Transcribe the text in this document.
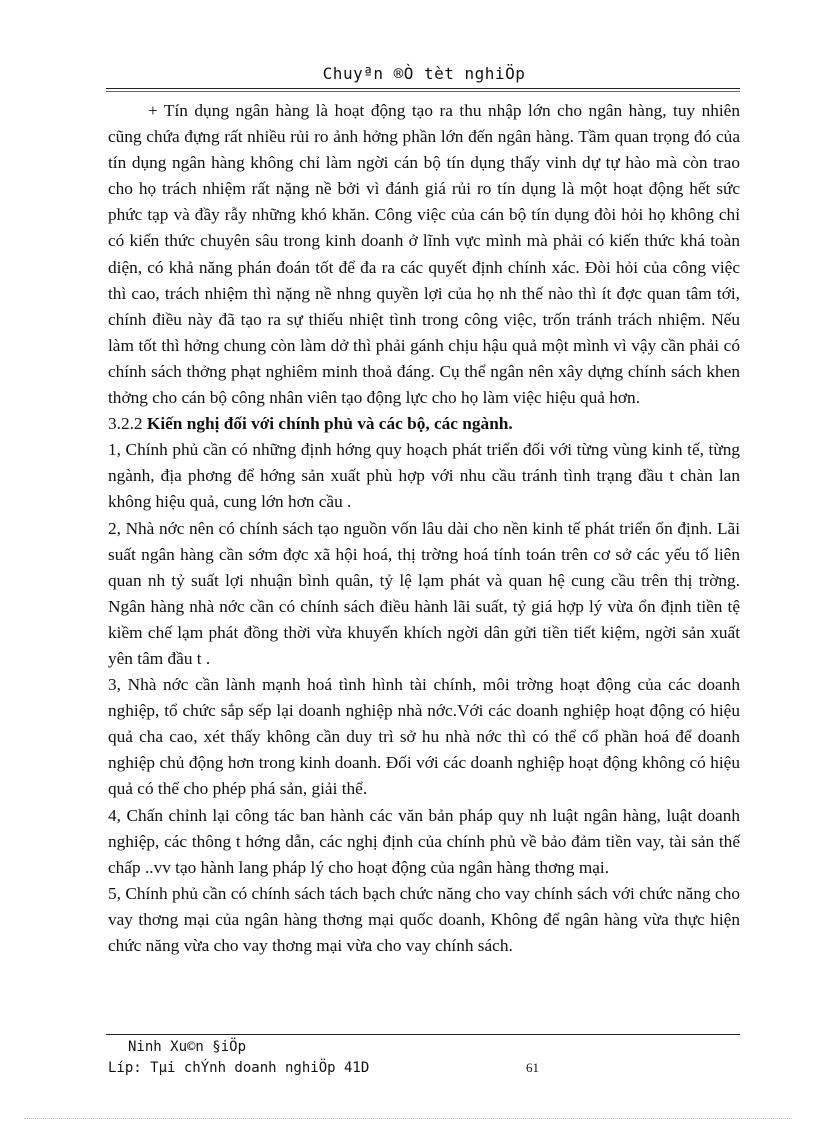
Chuyªn ®Ò tèt nghiÖp

+ Tín dụng ngân hàng là hoạt động tạo ra thu nhập lớn cho ngân hàng, tuy nhiên cũng chứa đựng rất nhiều rủi ro ảnh hởng phần lớn đến ngân hàng. Tầm quan trọng đó của tín dụng ngân hàng không chỉ làm ngời cán bộ tín dụng thấy vinh dự tự hào mà còn trao cho họ trách nhiệm rất nặng nề bởi vì đánh giá rủi ro tín dụng là một hoạt động hết sức phức tạp và đầy rẫy những khó khăn. Công việc của cán bộ tín dụng đòi hỏi họ không chỉ có kiến thức chuyên sâu trong kinh doanh ở lĩnh vực mình mà phải có kiến thức khá toàn diện, có khả năng phán đoán tốt để đa ra các quyết định chính xác. Đòi hỏi của công việc thì cao, trách nhiệm thì nặng nề nhng quyền lợi của họ nh thế nào thì ít đợc quan tâm tới, chính điều này đã tạo ra sự thiếu nhiệt tình trong công việc, trốn tránh trách nhiệm. Nếu làm tốt thì hởng chung còn làm dở thì phải gánh chịu hậu quả một mình vì vậy cần phải có chính sách thởng phạt nghiêm minh thoả đáng. Cụ thể ngân nên xây dựng chính sách khen thởng cho cán bộ công nhân viên tạo động lực cho họ làm việc hiệu quả hơn.

3.2.2 Kiến nghị đối với chính phủ và các bộ, các ngành.

1, Chính phủ cần có những định hớng quy hoạch phát triển đối với từng vùng kinh tế, từng ngành, địa phơng để hớng sản xuất phù hợp với nhu cầu tránh tình trạng đầu t chàn lan không hiệu quả, cung lớn hơn cầu .

2, Nhà nớc nên có chính sách tạo nguồn vốn lâu dài cho nền kinh tế phát triển ổn định. Lãi suất ngân hàng cần sớm đợc xã hội hoá, thị trờng hoá tính toán trên cơ sở các yếu tố liên quan nh tỷ suất lợi nhuận bình quân, tỷ lệ lạm phát và quan hệ cung cầu trên thị trờng. Ngân hàng nhà nớc cần có chính sách điều hành lãi suất, tỷ giá hợp lý vừa ổn định tiền tệ kiềm chế lạm phát đồng thời vừa khuyến khích ngời dân gửi tiền tiết kiệm, ngời sản xuất yên tâm đầu t .

3, Nhà nớc cần lành mạnh hoá tình hình tài chính, môi trờng hoạt động của các doanh nghiệp, tổ chức sắp sếp lại doanh nghiệp nhà nớc.Với các doanh nghiệp hoạt động có hiệu quả cha cao, xét thấy không cần duy trì sở hu nhà nớc thì có thể cổ phần hoá để doanh nghiệp chủ động hơn trong kinh doanh. Đối với các doanh nghiệp hoạt động không có hiệu quả có thể cho phép phá sản, giải thể.

4, Chấn chỉnh lại công tác ban hành các văn bản pháp quy nh luật ngân hàng, luật doanh nghiệp, các thông t hớng dẫn, các nghị định của chính phủ về bảo đảm tiền vay, tài sản thế chấp ..vv tạo hành lang pháp lý cho hoạt động của ngân hàng thơng mại.

5, Chính phủ cần có chính sách tách bạch chức năng cho vay chính sách với chức năng cho vay thơng mại của ngân hàng thơng mại quốc doanh, Không để ngân hàng vừa thực hiện chức năng vừa cho vay thơng mại vừa cho vay chính sách.

Ninh Xu©n §iÖp
Líp: Tµi chÝnh doanh nghiÖp 41D	61
